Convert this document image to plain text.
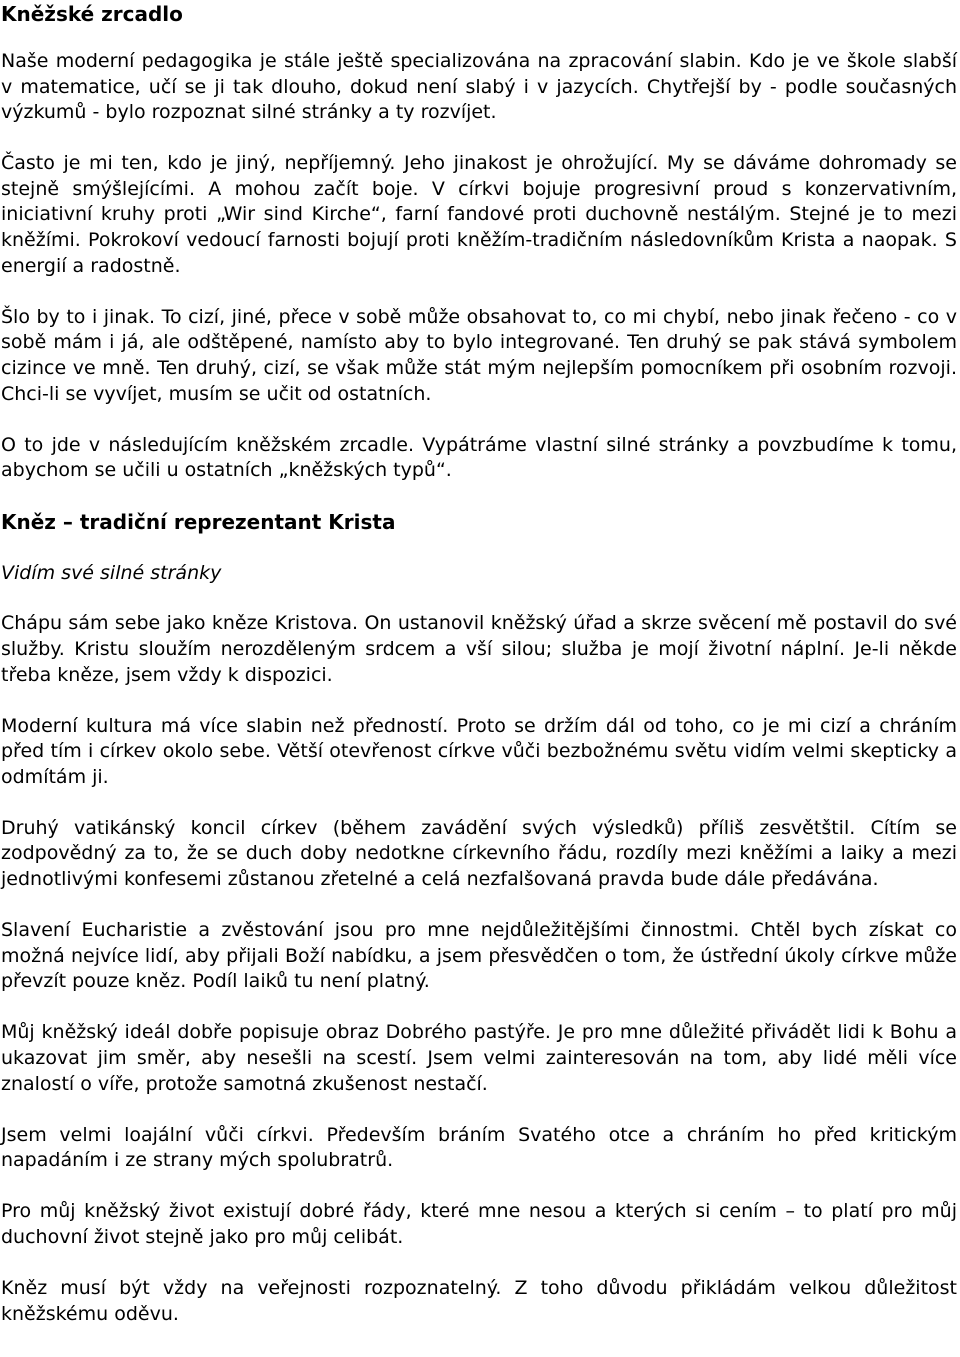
Kněžské zrcadlo

Naše moderní pedagogika je stále ještě specializována na zpracování slabin. Kdo je ve škole slabší v matematice, učí se ji tak dlouho, dokud není slabý i v jazycích. Chytřejší by - podle současných výzkumů - bylo rozpoznat silné stránky a ty rozvíjet.

Často je mi ten, kdo je jiný, nepříjemný. Jeho jinakost je ohrožující. My se dáváme dohromady se stejně smýšlejícími. A mohou začít boje. V církvi bojuje progresivní proud s konzervativním, iniciativní kruhy proti „Wir sind Kirche“, farní fandové proti duchovně nestálým. Stejné je to mezi kněžími. Pokrokoví vedoucí farnosti bojují proti kněžím-tradičním následovníkům Krista a naopak. S energií a radostně.

Šlo by to i jinak. To cizí, jiné, přece v sobě může obsahovat to, co mi chybí, nebo jinak řečeno - co v sobě mám i já, ale odštěpené, namísto aby to bylo integrované. Ten druhý se pak stává symbolem cizince ve mně. Ten druhý, cizí, se však může stát mým nejlepším pomocníkem při osobním rozvoji. Chci-li se vyvíjet, musím se učit od ostatních.

O to jde v následujícím kněžském zrcadle. Vypátráme vlastní silné stránky a povzbudíme k tomu, abychom se učili u ostatních „kněžských typů“.

Kněz – tradiční reprezentant Krista
Vidím své silné stránky

Chápu sám sebe jako kněze Kristova. On ustanovil kněžský úřad a skrze svěcení mě postavil do své služby. Kristu sloužím nerozděleným srdcem a vší silou; služba je mojí životní náplní. Je-li někde třeba kněze, jsem vždy k dispozici.

Moderní kultura má více slabin než předností. Proto se držím dál od toho, co je mi cizí a chráním před tím i církev okolo sebe. Větší otevřenost církve vůči bezbožnému světu vidím velmi skepticky a odmítám ji.

Druhý vatikánský koncil církev (během zavádění svých výsledků) příliš zesvětštil. Cítím se zodpovědný za to, že se duch doby nedotkne církevního řádu, rozdíly mezi kněžími a laiky a mezi jednotlivými konfesemi zůstanou zřetelné a celá nezfalšovaná pravda bude dále předávána.

Slavení Eucharistie a zvěstování jsou pro mne nejdůležitějšími činnostmi. Chtěl bych získat co možná nejvíce lidí, aby přijali Boží nabídku, a jsem přesvědčen o tom, že ústřední úkoly církve může převzít pouze kněz. Podíl laiků tu není platný.

Můj kněžský ideál dobře popisuje obraz Dobrého pastýře. Je pro mne důležité přivádět lidi k Bohu a ukazovat jim směr, aby nesešli na scestí. Jsem velmi zainteresován na tom, aby lidé měli více znalostí o víře, protože samotná zkušenost nestačí.

Jsem velmi loajální vůči církvi. Především bráním Svatého otce a chráním ho před kritickým napadáním i ze strany mých spolubratrů.

Pro můj kněžský život existují dobré řády, které mne nesou a kterých si cením – to platí pro můj duchovní život stejně jako pro můj celibát.

Kněz musí být vždy na veřejnosti rozpoznatelný. Z toho důvodu přikládám velkou důležitost kněžskému oděvu.
